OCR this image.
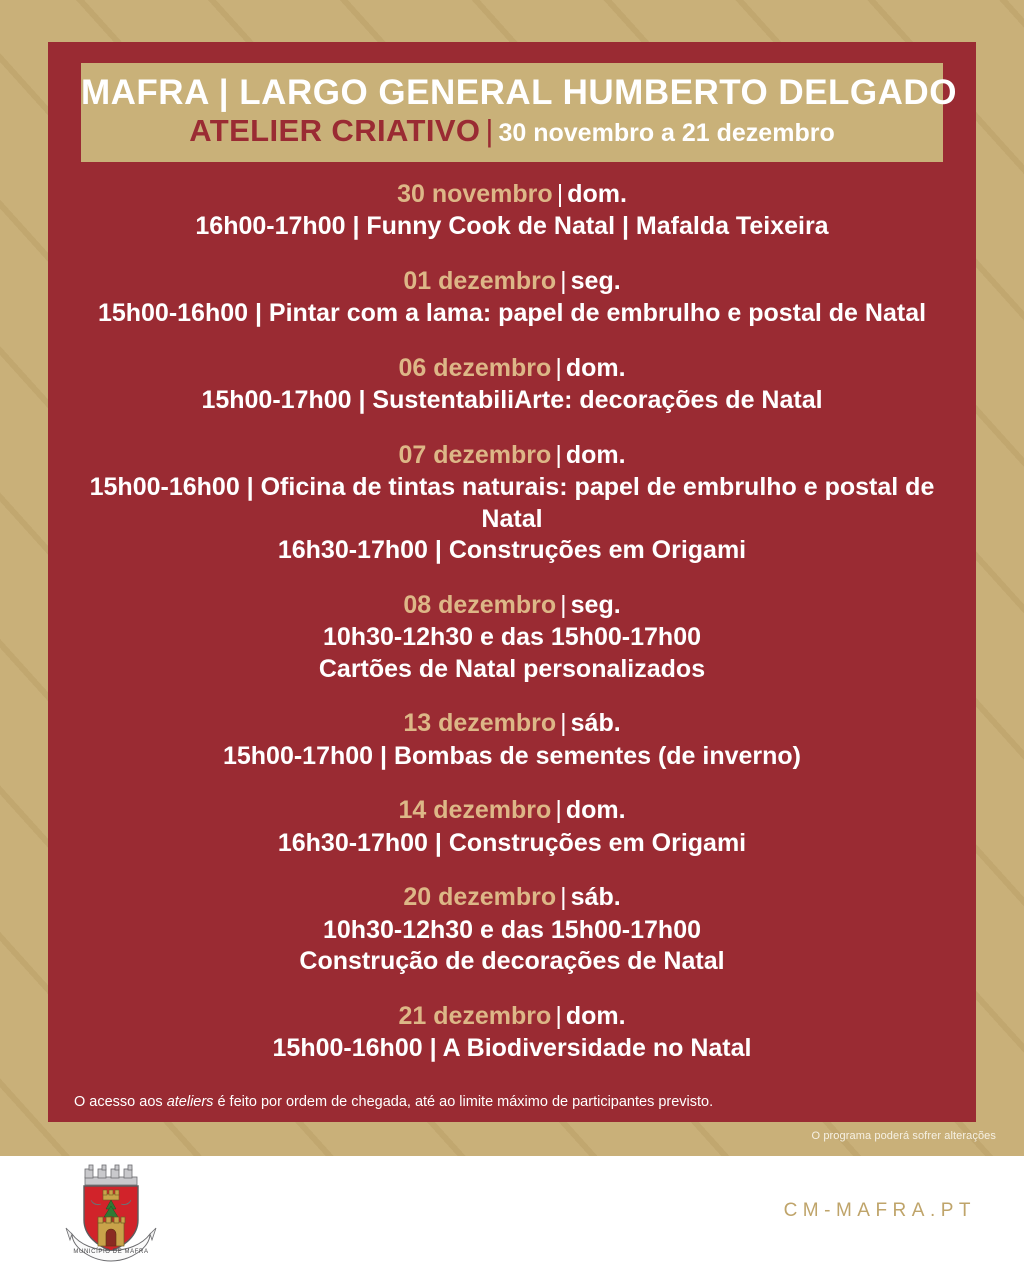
MAFRA | LARGO GENERAL HUMBERTO DELGADO
ATELIER CRIATIVO | 30 novembro a 21 dezembro
30 novembro | dom.
16h00-17h00 | Funny Cook de Natal | Mafalda Teixeira
01 dezembro | seg.
15h00-16h00 | Pintar com a lama: papel de embrulho e postal de Natal
06 dezembro | dom.
15h00-17h00 | SustentabiliArte: decorações de Natal
07 dezembro | dom.
15h00-16h00 | Oficina de tintas naturais: papel de embrulho e postal de Natal
16h30-17h00 | Construções em Origami
08 dezembro | seg.
10h30-12h30 e das 15h00-17h00
Cartões de Natal personalizados
13 dezembro | sáb.
15h00-17h00 | Bombas de sementes (de inverno)
14 dezembro | dom.
16h30-17h00 | Construções em Origami
20 dezembro | sáb.
10h30-12h30 e das 15h00-17h00
Construção de decorações de Natal
21 dezembro | dom.
15h00-16h00 | A Biodiversidade no Natal
O acesso aos ateliers é feito por ordem de chegada, até ao limite máximo de participantes previsto.
O programa poderá sofrer alterações
MUNICÍPIO DE MAFRA
CM-MAFRA.PT
